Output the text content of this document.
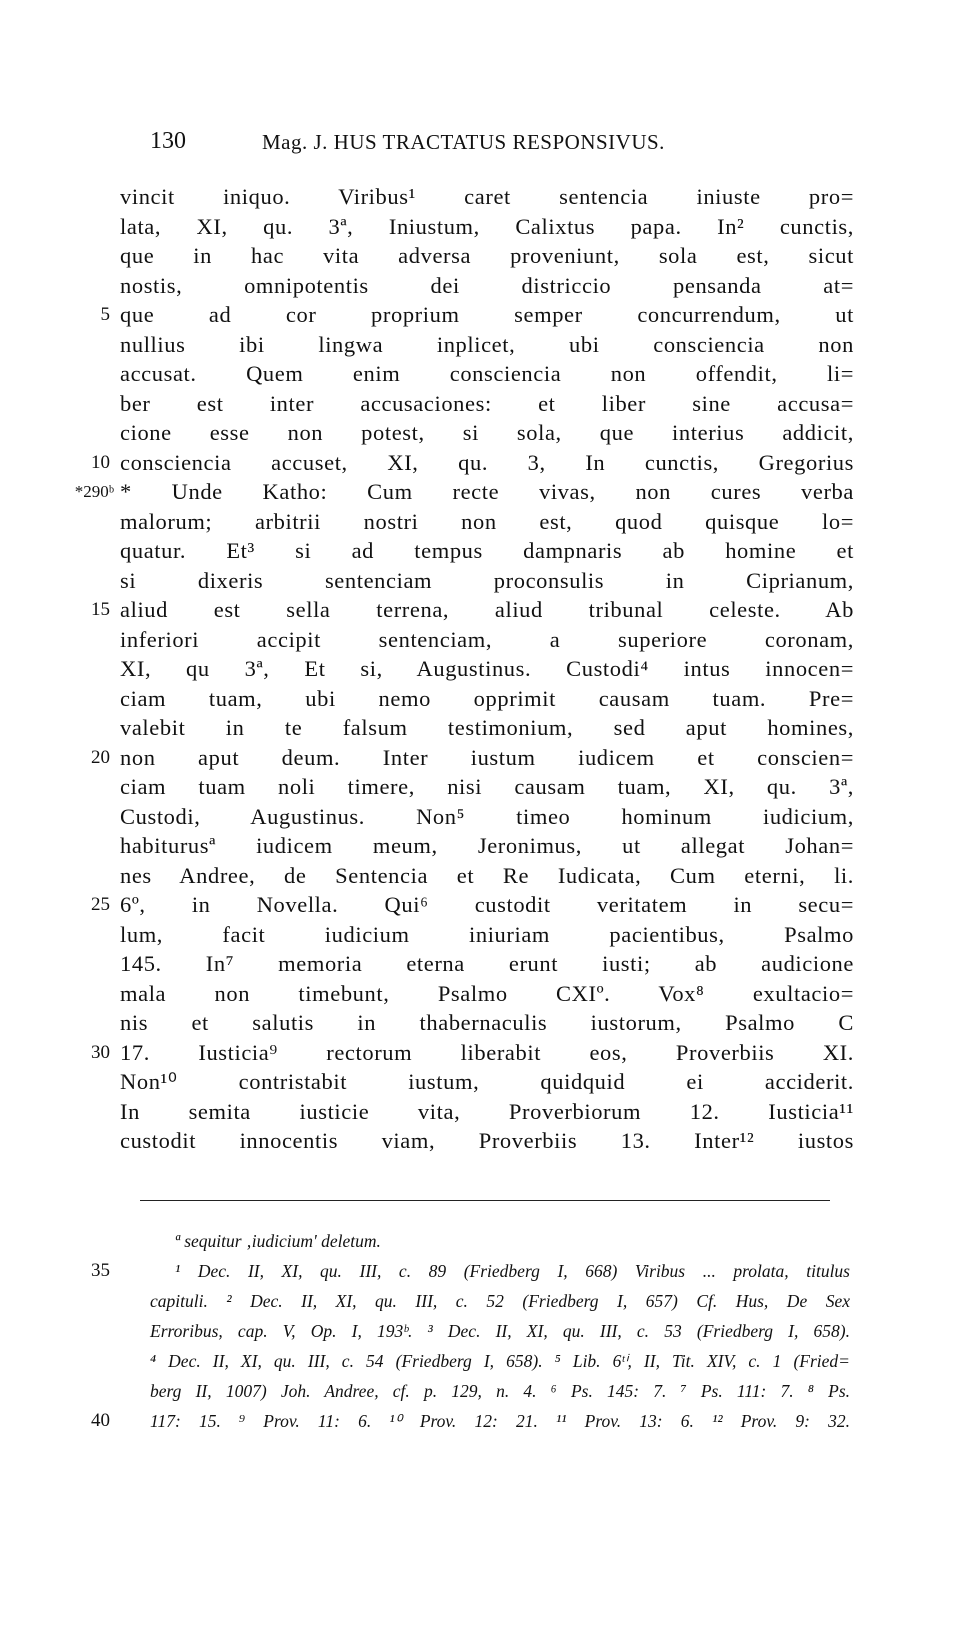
130	Mag. J. HUS TRACTATUS RESPONSIVUS.
vincit iniquo. Viribus¹ caret sentencia iniuste pro=
lata, XI, qu. 3ª, Iniustum, Calixtus papa. In² cunctis,
que in hac vita adversa proveniunt, sola est, sicut
nostis, omnipotentis dei districcio pensanda at=
5 que ad cor proprium semper concurrendum, ut
nullius ibi lingwa inplicet, ubi consciencia non
accusat. Quem enim consciencia non offendit, li=
ber est inter accusaciones: et liber sine accusa=
cione esse non potest, si sola, que interius addicit,
10 consciencia accuset, XI, qu. 3, In cunctis, Gregorius
*290ᵇ * Unde Katho: Cum recte vivas, non cures verba
malorum; arbitrii nostri non est, quod quisque lo=
quatur. Et³ si ad tempus dampnaris ab homine et
si dixeris sentenciam proconsulis in Ciprianum,
15 aliud est sella terrena, aliud tribunal celeste. Ab
inferiori accipit sentenciam, a superiore coronam,
XI, qu 3ª, Et si, Augustinus. Custodi⁴ intus innocen=
ciam tuam, ubi nemo opprimit causam tuam. Pre=
valebit in te falsum testimonium, sed aput homines,
20 non aput deum. Inter iustum iudicem et conscien=
ciam tuam noli timere, nisi causam tuam, XI, qu. 3ª,
Custodi, Augustinus. Non⁵ timeo hominum iudicium,
habiturusª iudicem meum, Jeronimus, ut allegat Johan=
nes Andree, de Sentencia et Re Iudicata, Cum eterni, li.
25 6º, in Novella. Qui⁶ custodit veritatem in secu=
lum, facit iudicium iniuriam pacientibus, Psalmo
145. In⁷ memoria eterna erunt iusti; ab audicione
mala non timebunt, Psalmo CXIº. Vox⁸ exultacio=
nis et salutis in thabernaculis iustorum, Psalmo C
30 17. Iusticia⁹ rectorum liberabit eos, Proverbiis XI.
Non¹⁰ contristabit iustum, quidquid ei acciderit.
In semita iusticie vita, Proverbiorum 12. Iusticia¹¹
custodit innocentis viam, Proverbiis 13. Inter¹² iustos
ª sequitur ‚iudicium' deletum.
35	¹ Dec. II, XI, qu. III, c. 89 (Friedberg I, 668) Viribus ... prolata, titulus
capituli. ² Dec. II, XI, qu. III, c. 52 (Friedberg I, 657) Cf. Hus, De Sex
Erroribus, cap. V, Op. I, 193ᵇ. ³ Dec. II, XI, qu. III, c. 53 (Friedberg I, 658).
⁴ Dec. II, XI, qu. III, c. 54 (Friedberg I, 658). ⁵ Lib. 6ᵗⁱ, II, Tit. XIV, c. 1 (Fried=
berg II, 1007) Joh. Andree, cf. p. 129, n. 4. ⁶ Ps. 145: 7. ⁷ Ps. 111: 7. ⁸ Ps.
40 117: 15. ⁹ Prov. 11: 6. ¹⁰ Prov. 12: 21. ¹¹ Prov. 13: 6. ¹² Prov. 9: 32.
